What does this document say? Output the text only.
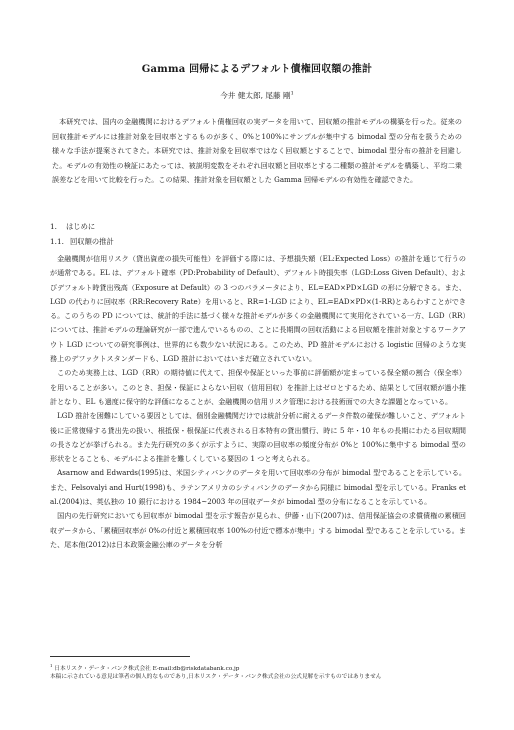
Gamma 回帰によるデフォルト債権回収額の推計
今井 健太郎, 尾藤 剛$^1$
本研究では、国内の金融機関におけるデフォルト債権回収の実データを用いて、回収額の推計モデルの構築を行った。従来の回収推計モデルには推計対象を回収率とするものが多く、0%と100%にサンプルが集中する bimodal 型の分布を扱うための様々な手法が提案されてきた。本研究では、推計対象を回収率ではなく回収額とすることで、bimodal 型分布の推計を回避した。モデルの有効性の検証にあたっては、被説明変数をそれぞれ回収額と回収率とする二種類の推計モデルを構築し、平均二乗誤差などを用いて比較を行った。この結果、推計対象を回収額とした Gamma 回帰モデルの有効性を確認できた。
1. はじめに
1.1. 回収額の推計

金融機関が信用リスク（貸出資産の損失可能性）を評価する際には、予想損失額（EL:Expected Loss）の推計を通じて行うのが通常である。EL は、デフォルト確率（PD:Probability of Default）、デフォルト時損失率（LGD:Loss Given Default）、およびデフォルト時貸出残高（Exposure at Default）の 3 つのパラメータにより、EL=EAD×PD×LGD の形に分解できる。また、LGD の代わりに回収率（RR:Recovery Rate）を用いると、RR=1-LGD により、EL=EAD×PD×(1-RR)とあらわすことができる。このうちの PD については、統計的手法に基づく様々な推計モデルが多くの金融機関にて実用化されている一方、LGD（RR）については、推計モデルの理論研究が一部で進んでいるものの、ことに長期間の回収活動による回収額を推計対象とするワークアウト LGD についての研究事例は、世界的にも数少ない状況にある。このため、PD 推計モデルにおける logistic 回帰のような実務上のデファクトスタンダードも、LGD 推計においてはいまだ確立されていない。

このため実務上は、LGD（RR）の期待値に代えて、担保や保証といった事前に評価額が定まっている保全額の割合（保全率）を用いることが多い。このとき、担保・保証によらない回収（信用回収）を推計上はゼロとするため、結果として回収額が過小推計となり、EL も過度に保守的な評価になることが、金融機関の信用リスク管理における技術面での大きな課題となっている。

LGD 推計を困難にしている要因としては、個別金融機関だけでは統計分析に耐えるデータ件数の確保が難しいこと、デフォルト後に正常復帰する貸出先の扱い、根抵保・根保証に代表される日本特有の貸出慣行、時に 5 年・10 年もの長期にわたる回収期間の長さなどが挙げられる。また先行研究の多くが示すように、実際の回収率の頻度分布が 0%と 100%に集中する bimodal 型の形状をとることも、モデルによる推計を難しくしている要因の 1 つと考えられる。

Asarnow and Edwards(1995)は、米国シティバンクのデータを用いて回収率の分布が bimodal 型であることを示している。また、Felsovalyi and Hurt(1998)も、ラテンアメリカのシティバンクのデータから同様に bimodal 型を示している。Franks et al.(2004)は、英仏独の 10 銀行における 1984~2003 年の回収データが bimodal 型の分布になることを示している。

国内の先行研究においても回収率が bimodal 型を示す報告が見られ、伊藤・山下(2007)は、信用保証協会の求償債権の累積回収データから、「累積回収率が 0%の付近と累積回収率 100%の付近で標本が集中」する bimodal 型であることを示している。また、尾本他(2012)は日本政策金融公庫のデータを分析

$^1$ 日本リスク・データ・バンク株式会社 E-mail:db@riskdatabank.co.jp
本稿に示されている意見は筆者の個人的なものであり,日本リスク・データ・バンク株式会社の公式見解を示すものではありません
